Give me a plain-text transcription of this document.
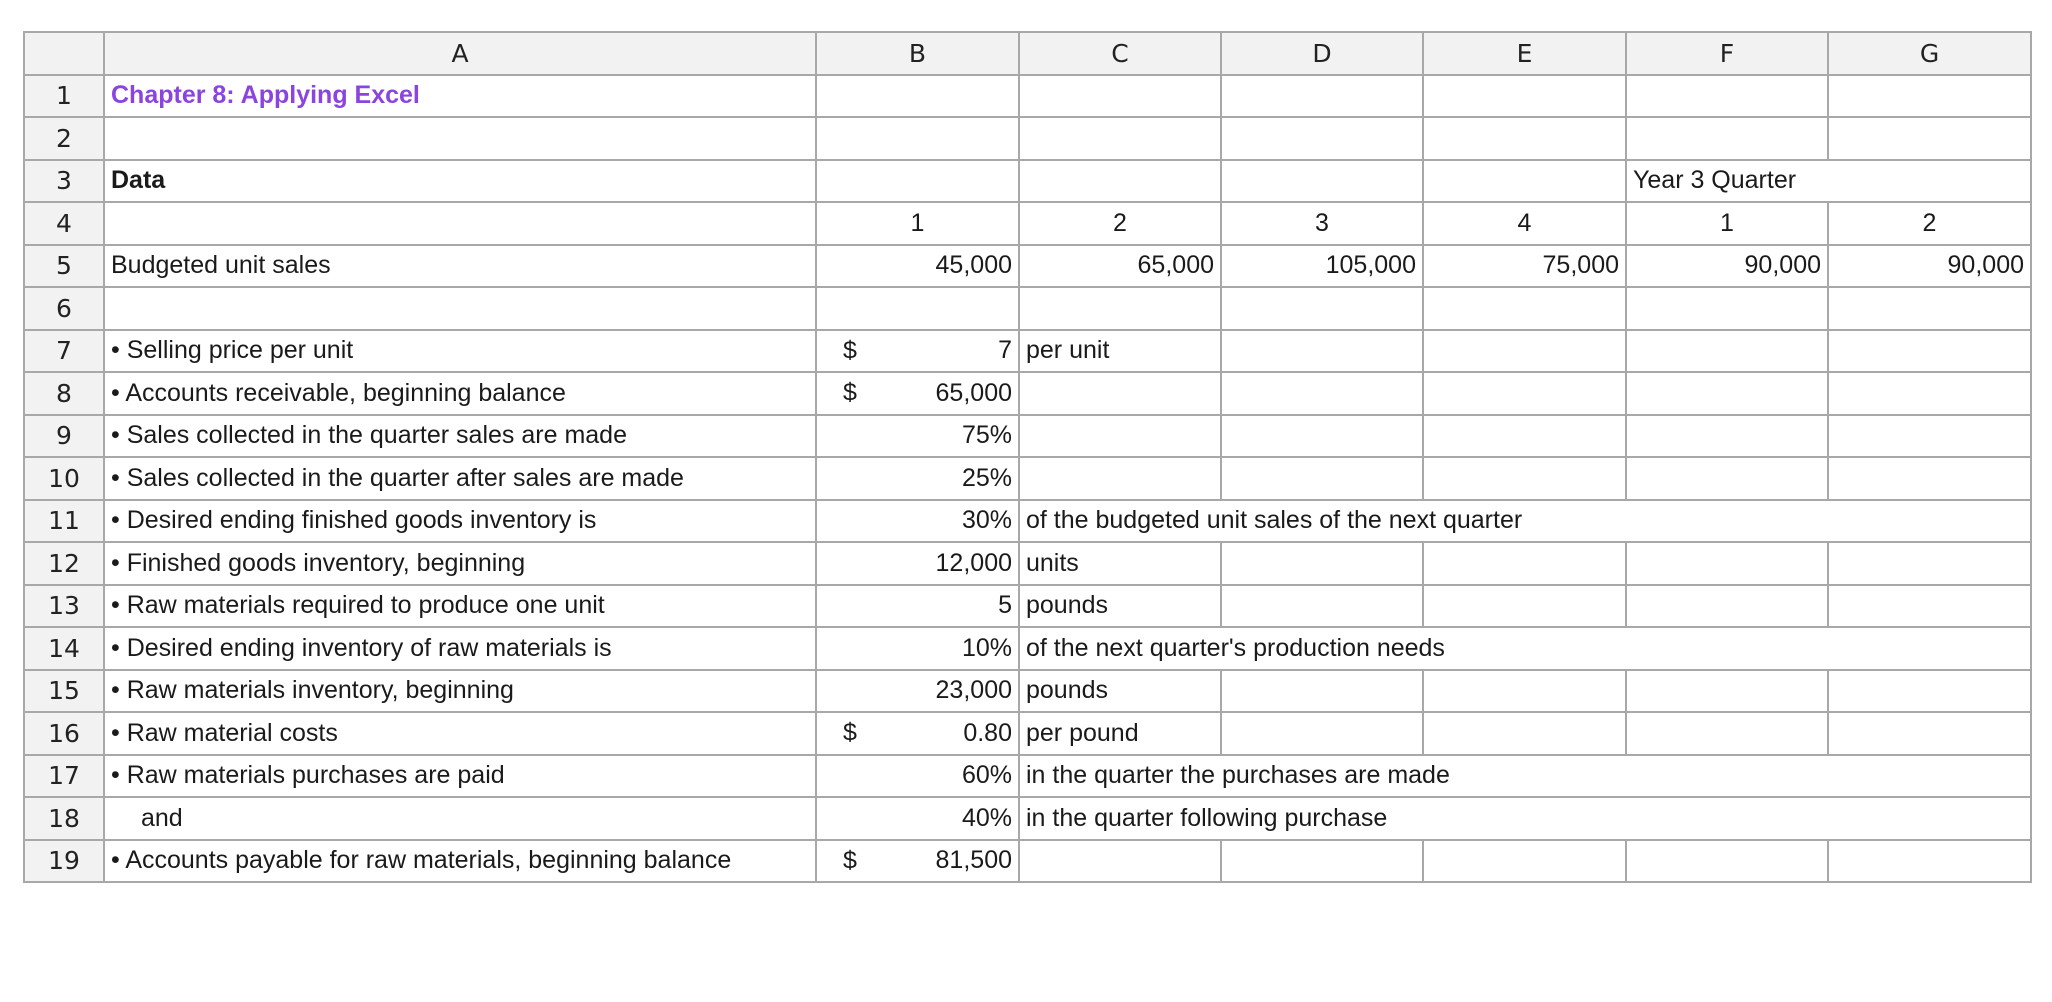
	A	B	C	D	E	F	G
1	Chapter 8: Applying Excel						
2							
3	Data					Year 3 Quarter	
4		1	2	3	4	1	2
5	Budgeted unit sales	45,000	65,000	105,000	75,000	90,000	90,000
6							
7	• Selling price per unit	$ 7	per unit				
8	• Accounts receivable, beginning balance	$ 65,000					
9	• Sales collected in the quarter sales are made	75%					
10	• Sales collected in the quarter after sales are made	25%					
11	• Desired ending finished goods inventory is	30%	of the budgeted unit sales of the next quarter				
12	• Finished goods inventory, beginning	12,000	units				
13	• Raw materials required to produce one unit	5	pounds				
14	• Desired ending inventory of raw materials is	10%	of the next quarter's production needs				
15	• Raw materials inventory, beginning	23,000	pounds				
16	• Raw material costs	$ 0.80	per pound				
17	• Raw materials purchases are paid	60%	in the quarter the purchases are made				
18	and	40%	in the quarter following purchase				
19	• Accounts payable for raw materials, beginning balance	$ 81,500					
